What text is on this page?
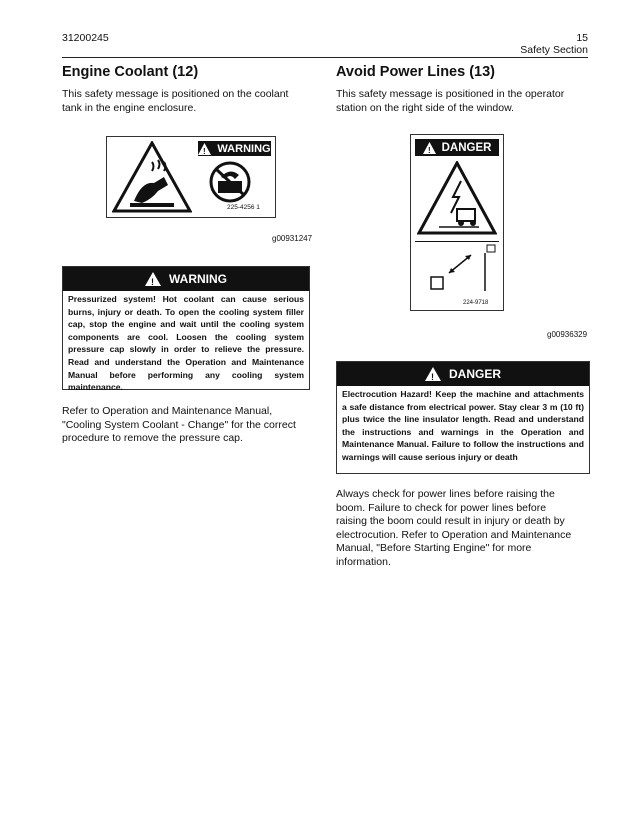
31200245	15
Safety Section
Engine Coolant (12)
This safety message is positioned on the coolant tank in the engine enclosure.
! WARNING
225-4256 1
g00931247
! WARNING
Pressurized system! Hot coolant can cause serious burns, injury or death. To open the cooling system filler cap, stop the engine and wait until the cooling system components are cool. Loosen the cooling system pressure cap slowly in order to relieve the pressure. Read and understand the Operation and Maintenance Manual before performing any cooling system maintenance.
Refer to Operation and Maintenance Manual, "Cooling System Coolant - Change" for the correct procedure to remove the pressure cap.
Avoid Power Lines (13)
This safety message is positioned in the operator station on the right side of the window.
! DANGER
224-9718
g00936329
! DANGER
Electrocution Hazard! Keep the machine and attachments a safe distance from electrical power. Stay clear 3 m (10 ft) plus twice the line insulator length. Read and understand the instructions and warnings in the Operation and Maintenance Manual. Failure to follow the instructions and warnings will cause serious injury or death
Always check for power lines before raising the boom. Failure to check for power lines before raising the boom could result in injury or death by electrocution. Refer to Operation and Maintenance Manual, "Before Starting Engine" for more information.
